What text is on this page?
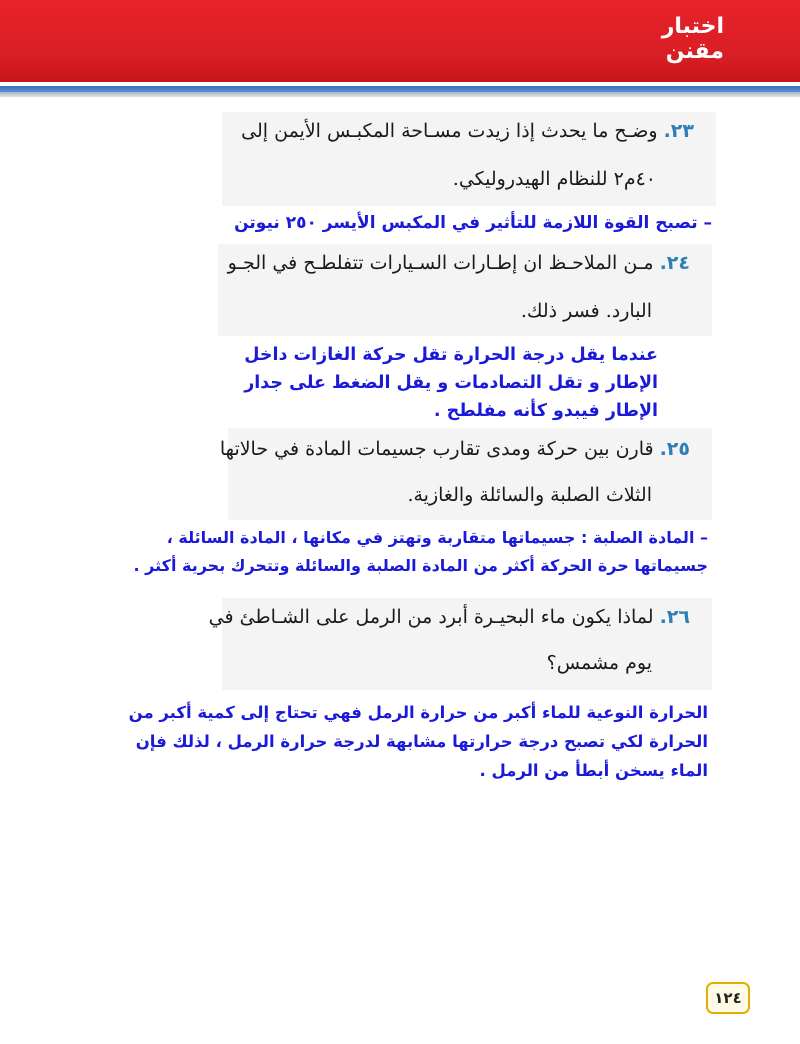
اختبار
مقنن
٢٣.وضـح ما يحدث إذا زيدت مسـاحة المكبـس الأيمن إلى
٤٠م٢ للنظام الهيدروليكي.
– تصبح القوة اللازمة للتأثير في المكبس الأيسر ٢٥٠ نيوتن
٢٤.مـن الملاحـظ ان إطـارات السـيارات تتفلطـح في الجـو
البارد. فسر ذلك.
عندما يقل درجة الحرارة تقل حركة الغازات داخل
الإطار و تقل التصادمات و يقل الضغط على جدار
الإطار فيبدو كأنه مفلطح .
٢٥.قارن بين حركة ومدى تقارب جسيمات المادة في حالاتها
الثلاث الصلبة والسائلة والغازية.
– المادة الصلبة : جسيماتها متقاربة وتهتز في مكانها ، المادة السائلة ،
جسيماتها حرة الحركة أكثر من المادة الصلبة والسائلة وتتحرك بحرية أكثر .
٢٦.لماذا يكون ماء البحيـرة أبرد من الرمل على الشـاطئ في
يوم مشمس؟
الحرارة النوعية للماء أكبر من حرارة الرمل فهي تحتاج إلى كمية أكبر من
الحرارة لكي تصبح درجة حرارتها مشابهة لدرجة حرارة الرمل ، لذلك فإن
الماء يسخن أبطأ من الرمل .
١٢٤
